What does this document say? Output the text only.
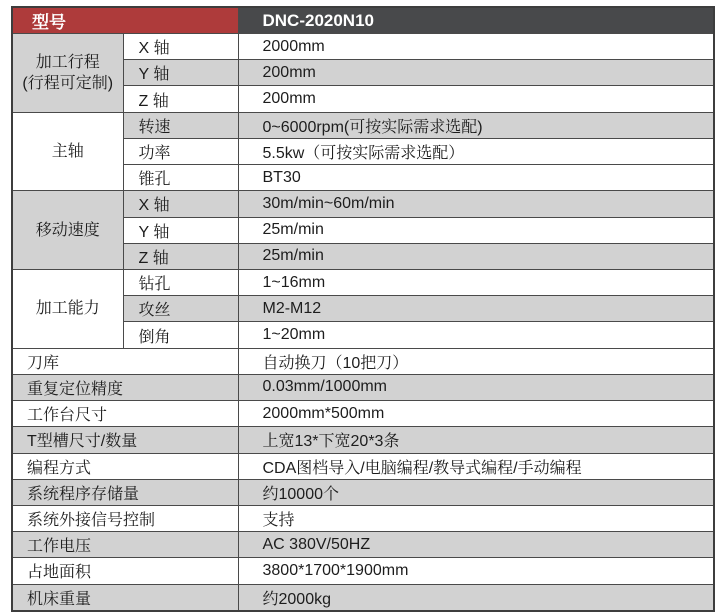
型号		DNC-2020N10

加工行程
(行程可定制)	X 轴	2000mm
	Y 轴	200mm
	Z 轴	200mm

主轴	转速	0~6000rpm(可按实际需求选配)
	功率	5.5kw（可按实际需求选配）
	锥孔	BT30

移动速度	X 轴	30m/min~60m/min
	Y 轴	25m/min
	Z 轴	25m/min

加工能力	钻孔	1~16mm
	攻丝	M2-M12
	倒角	1~20mm
刀库		自动换刀（10把刀）
重复定位精度		0.03mm/1000mm
工作台尺寸		2000mm*500mm
T型槽尺寸/数量		上宽13*下宽20*3条
编程方式		CDA图档导入/电脑编程/教导式编程/手动编程
系统程序存储量		约10000个
系统外接信号控制		支持
工作电压		AC 380V/50HZ
占地面积		3800*1700*1900mm
机床重量		约2000kg
